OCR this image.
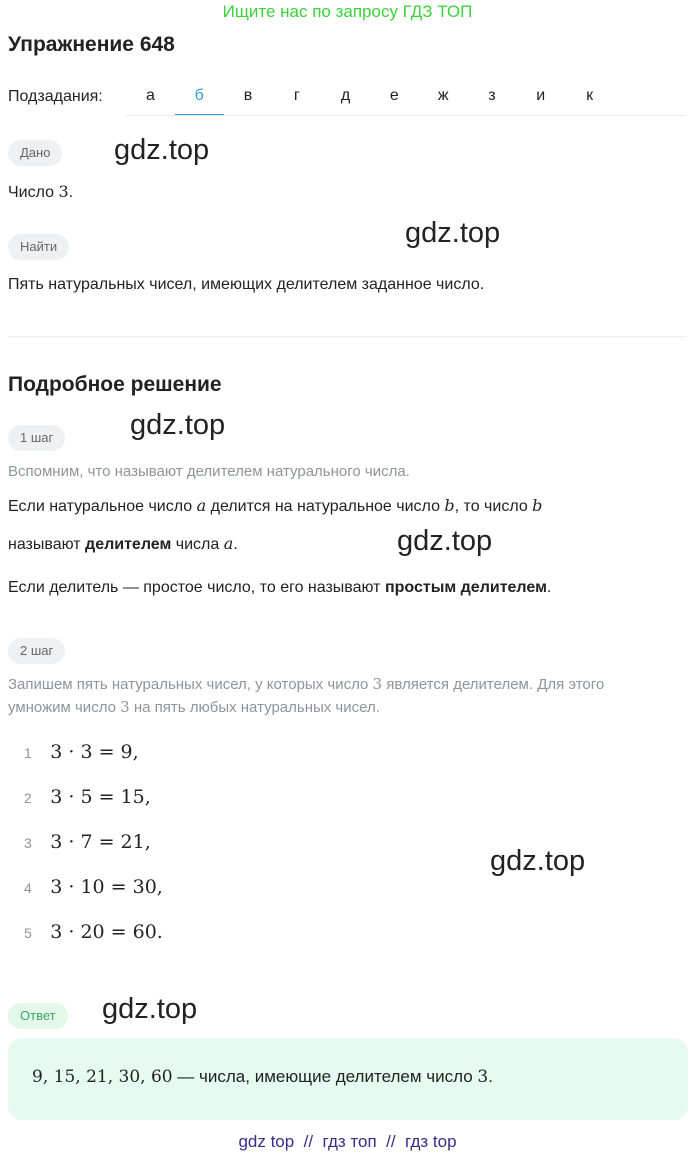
Ищите нас по запросу ГДЗ ТОП
Упражнение 648
Подзадания:	а	б	в	г	д	е	ж	з	и	к
Дано	gdz.top
Число 3.
Найти	gdz.top
Пять натуральных чисел, имеющих делителем заданное число.
Подробное решение
1 шаг	gdz.top
Вспомним, что называют делителем натурального числа.
Если натуральное число a делится на натуральное число b, то число b
называют делителем числа a.	gdz.top
Если делитель — простое число, то его называют простым делителем.
2 шаг
Запишем пять натуральных чисел, у которых число 3 является делителем. Для этого
умножим число 3 на пять любых натуральных чисел.
1 3 · 3 = 9,
2 3 · 5 = 15,
3 3 · 7 = 21,
4 3 · 10 = 30,
5 3 · 20 = 60.
gdz.top
Ответ	gdz.top
9, 15, 21, 30, 60 — числа, имеющие делителем число 3.
gdz top  //  гдз топ  //  гдз top
